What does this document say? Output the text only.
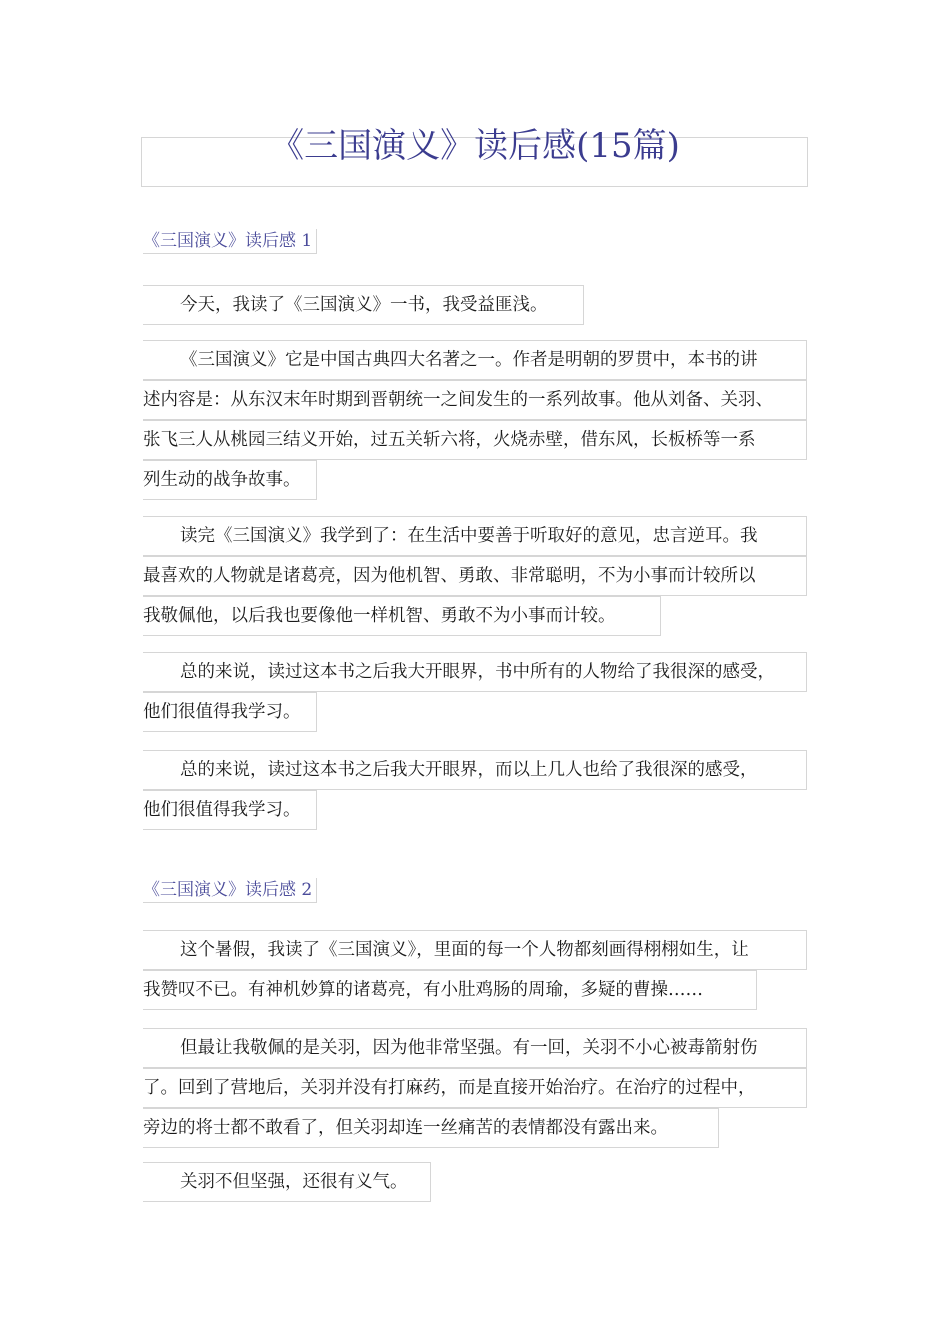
《三国演义》读后感(15篇)
《三国演义》读后感 1
今天，我读了《三国演义》一书，我受益匪浅。
《三国演义》它是中国古典四大名著之一。作者是明朝的罗贯中，本书的讲
述内容是：从东汉末年时期到晋朝统一之间发生的一系列故事。他从刘备、关羽、
张飞三人从桃园三结义开始，过五关斩六将，火烧赤壁，借东风，长板桥等一系
列生动的战争故事。
读完《三国演义》我学到了：在生活中要善于听取好的意见，忠言逆耳。我
最喜欢的人物就是诸葛亮，因为他机智、勇敢、非常聪明，不为小事而计较所以
我敬佩他，以后我也要像他一样机智、勇敢不为小事而计较。
总的来说，读过这本书之后我大开眼界，书中所有的人物给了我很深的感受，
他们很值得我学习。
总的来说，读过这本书之后我大开眼界，而以上几人也给了我很深的感受，
他们很值得我学习。
《三国演义》读后感 2
这个暑假，我读了《三国演义》，里面的每一个人物都刻画得栩栩如生，让
我赞叹不已。有神机妙算的诸葛亮，有小肚鸡肠的周瑜，多疑的曹操……
但最让我敬佩的是关羽，因为他非常坚强。有一回，关羽不小心被毒箭射伤
了。回到了营地后，关羽并没有打麻药，而是直接开始治疗。在治疗的过程中，
旁边的将士都不敢看了，但关羽却连一丝痛苦的表情都没有露出来。
关羽不但坚强，还很有义气。
